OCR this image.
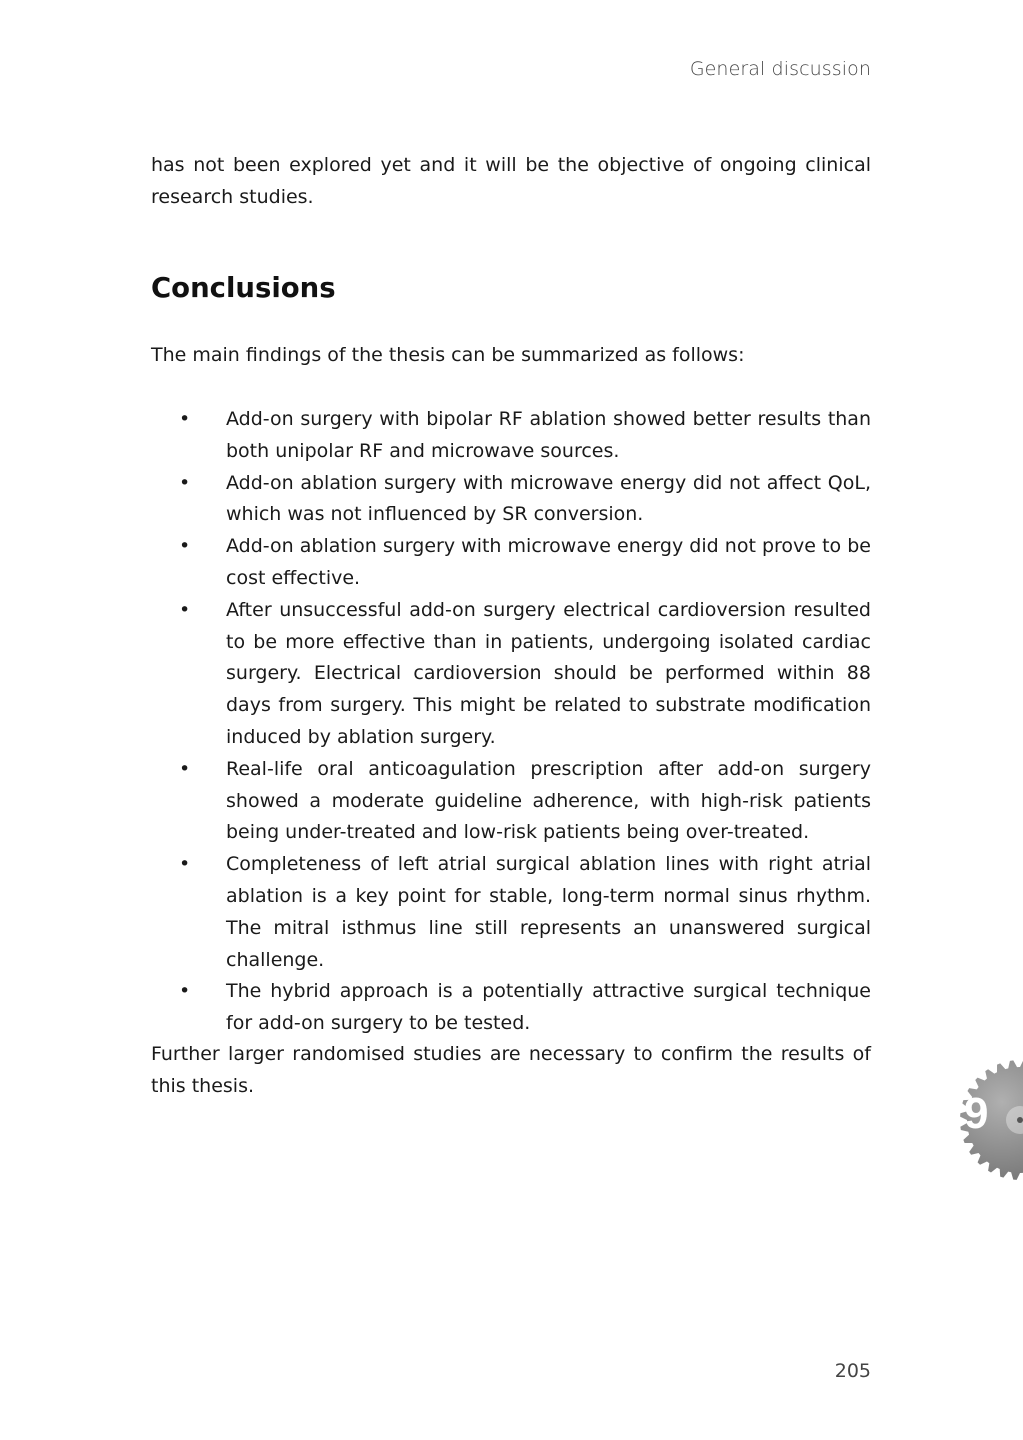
General discussion

has not been explored yet and it will be the objective of ongoing clinical research studies.

Conclusions

The main findings of the thesis can be summarized as follows:

• Add-on surgery with bipolar RF ablation showed better results than both unipolar RF and microwave sources.
• Add-on ablation surgery with microwave energy did not affect QoL, which was not influenced by SR conversion.
• Add-on ablation surgery with microwave energy did not prove to be cost effective.
• After unsuccessful add-on surgery electrical cardioversion resulted to be more effective than in patients, undergoing isolated cardiac surgery. Electrical cardioversion should be performed within 88 days from surgery. This might be related to substrate modification induced by ablation surgery.
• Real-life oral anticoagulation prescription after add-on surgery showed a moderate guideline adherence, with high-risk patients being under-treated and low-risk patients being over-treated.
• Completeness of left atrial surgical ablation lines with right atrial ablation is a key point for stable, long-term normal sinus rhythm. The mitral isthmus line still represents an unanswered surgical challenge.
• The hybrid approach is a potentially attractive surgical technique for add-on surgery to be tested.

Further larger randomised studies are necessary to confirm the results of this thesis.

9
205
